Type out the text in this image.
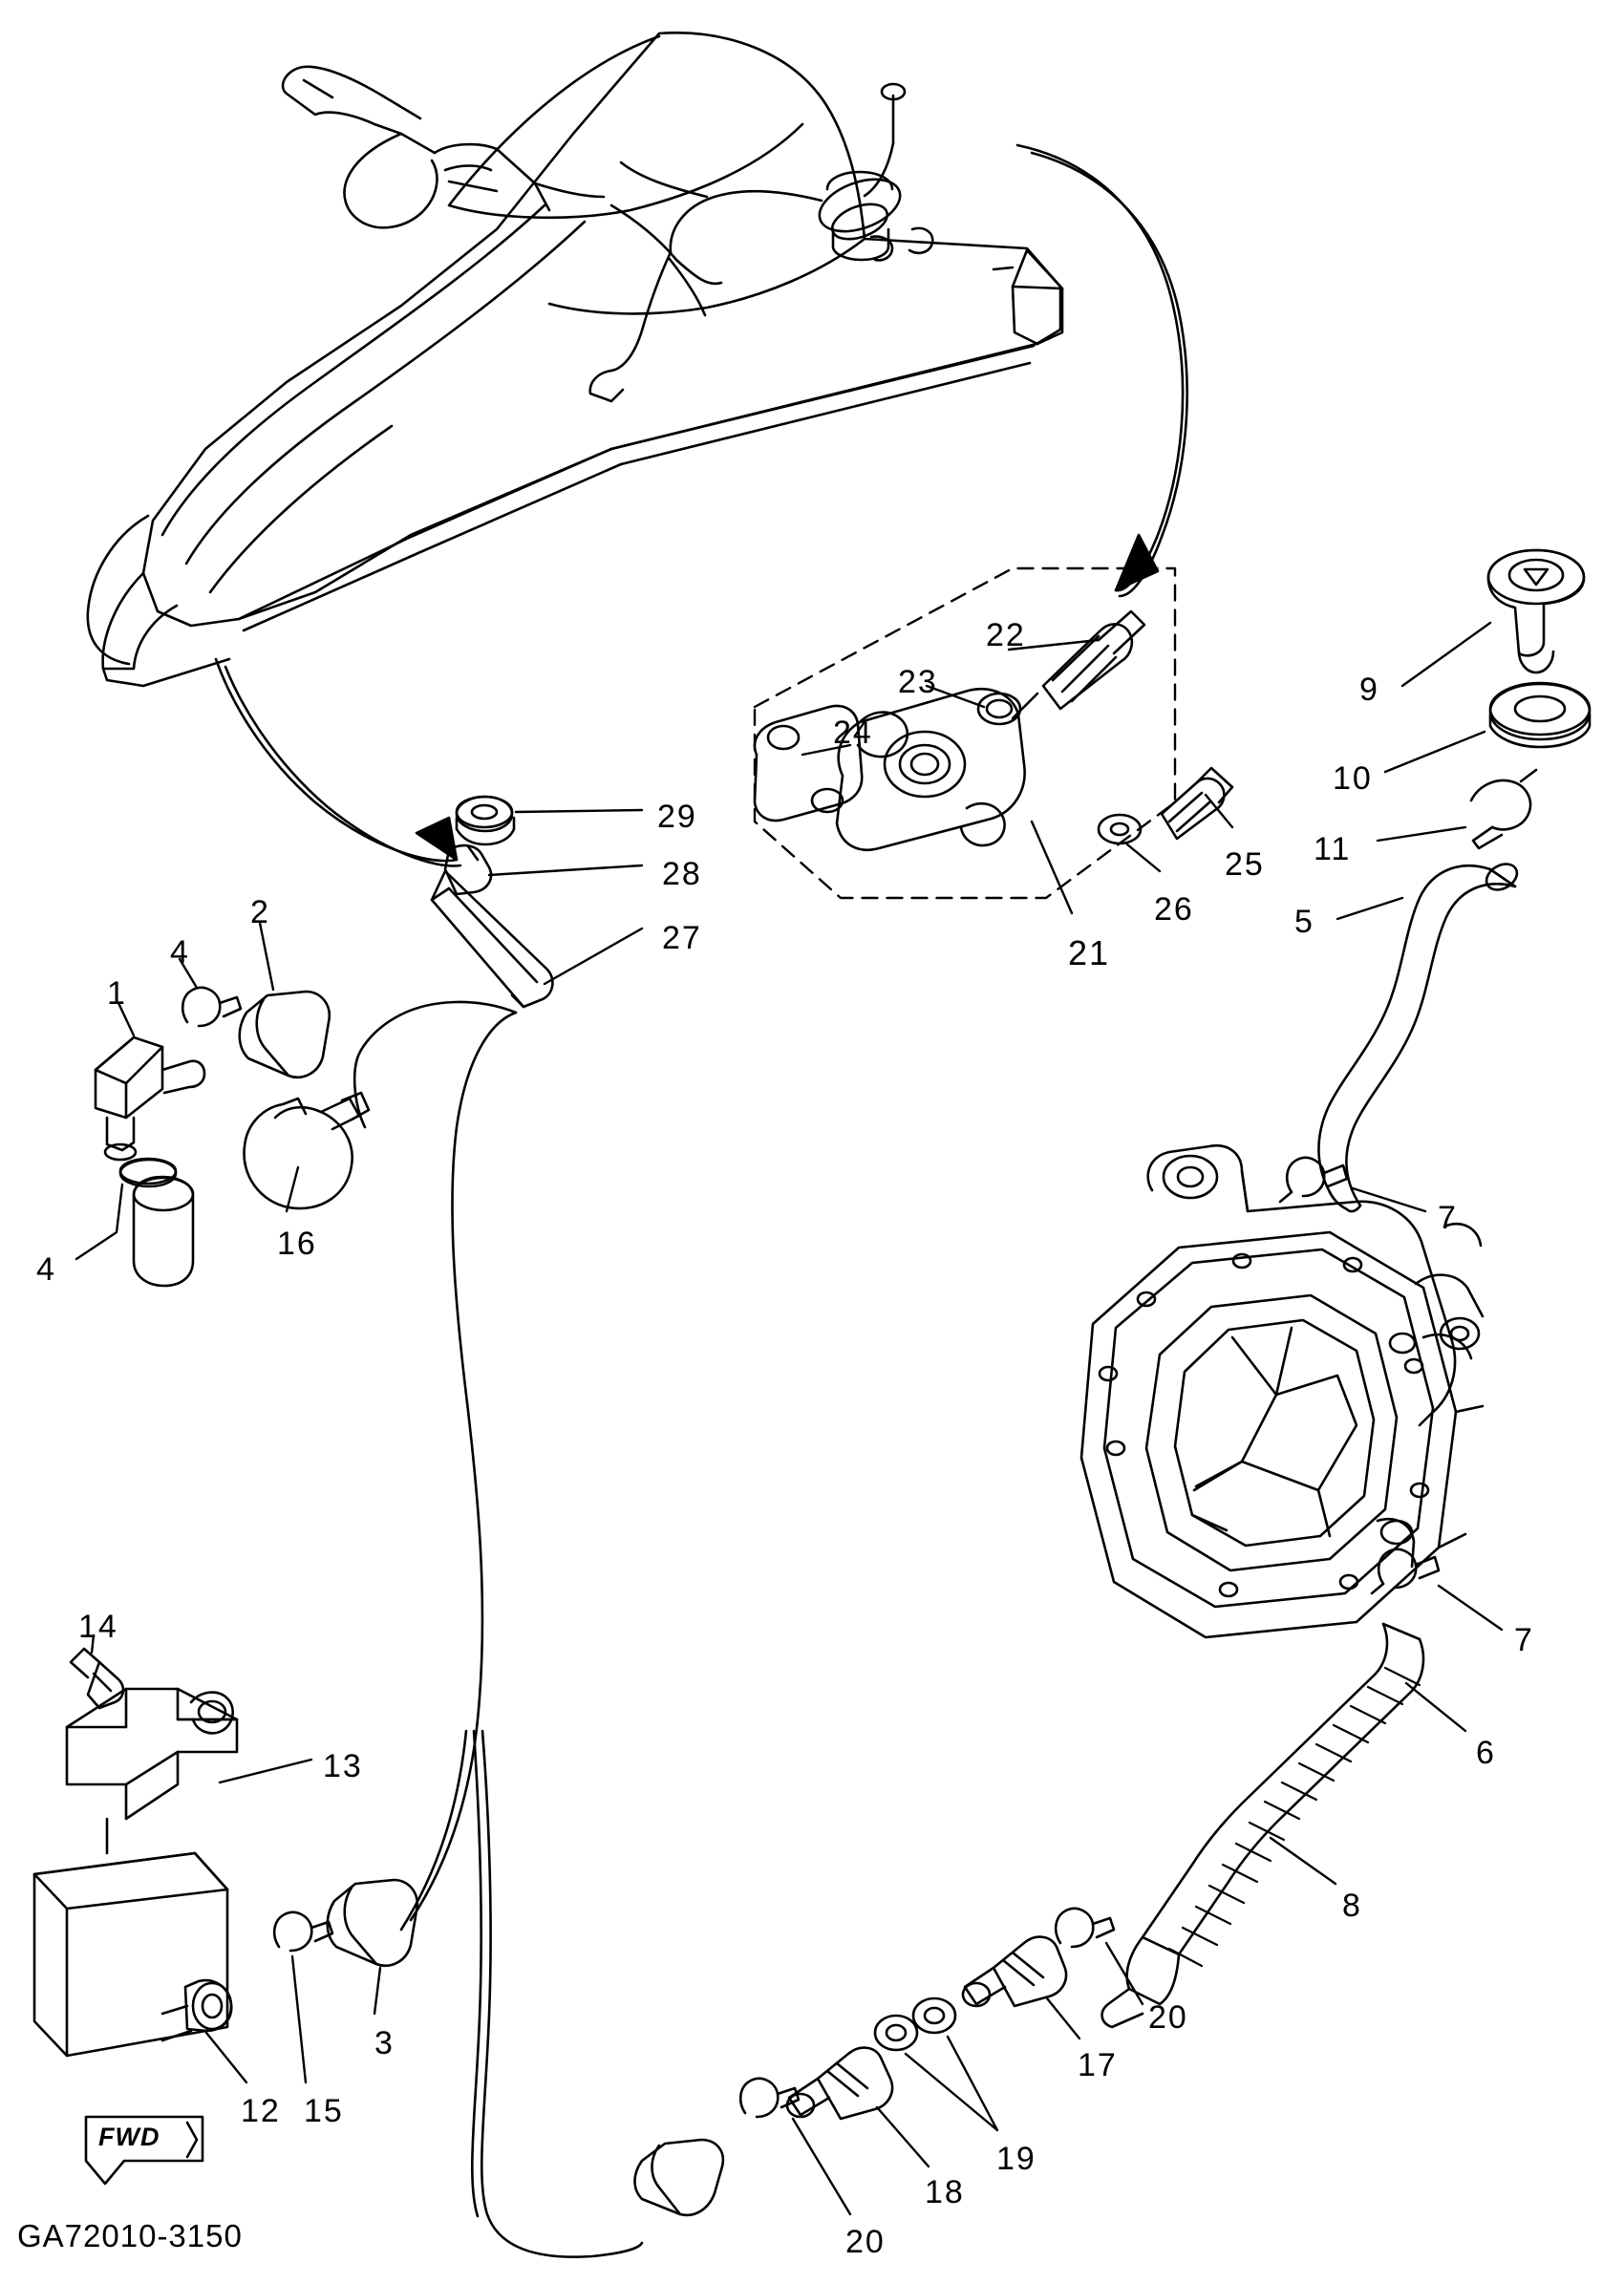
1
2
3
4
4
5
6
7
7
8
9
10
11
12
13
14
15
16
17
18
19
20
20
21
22
23
24
25
26
27
28
29
FWD
GA72010-3150
